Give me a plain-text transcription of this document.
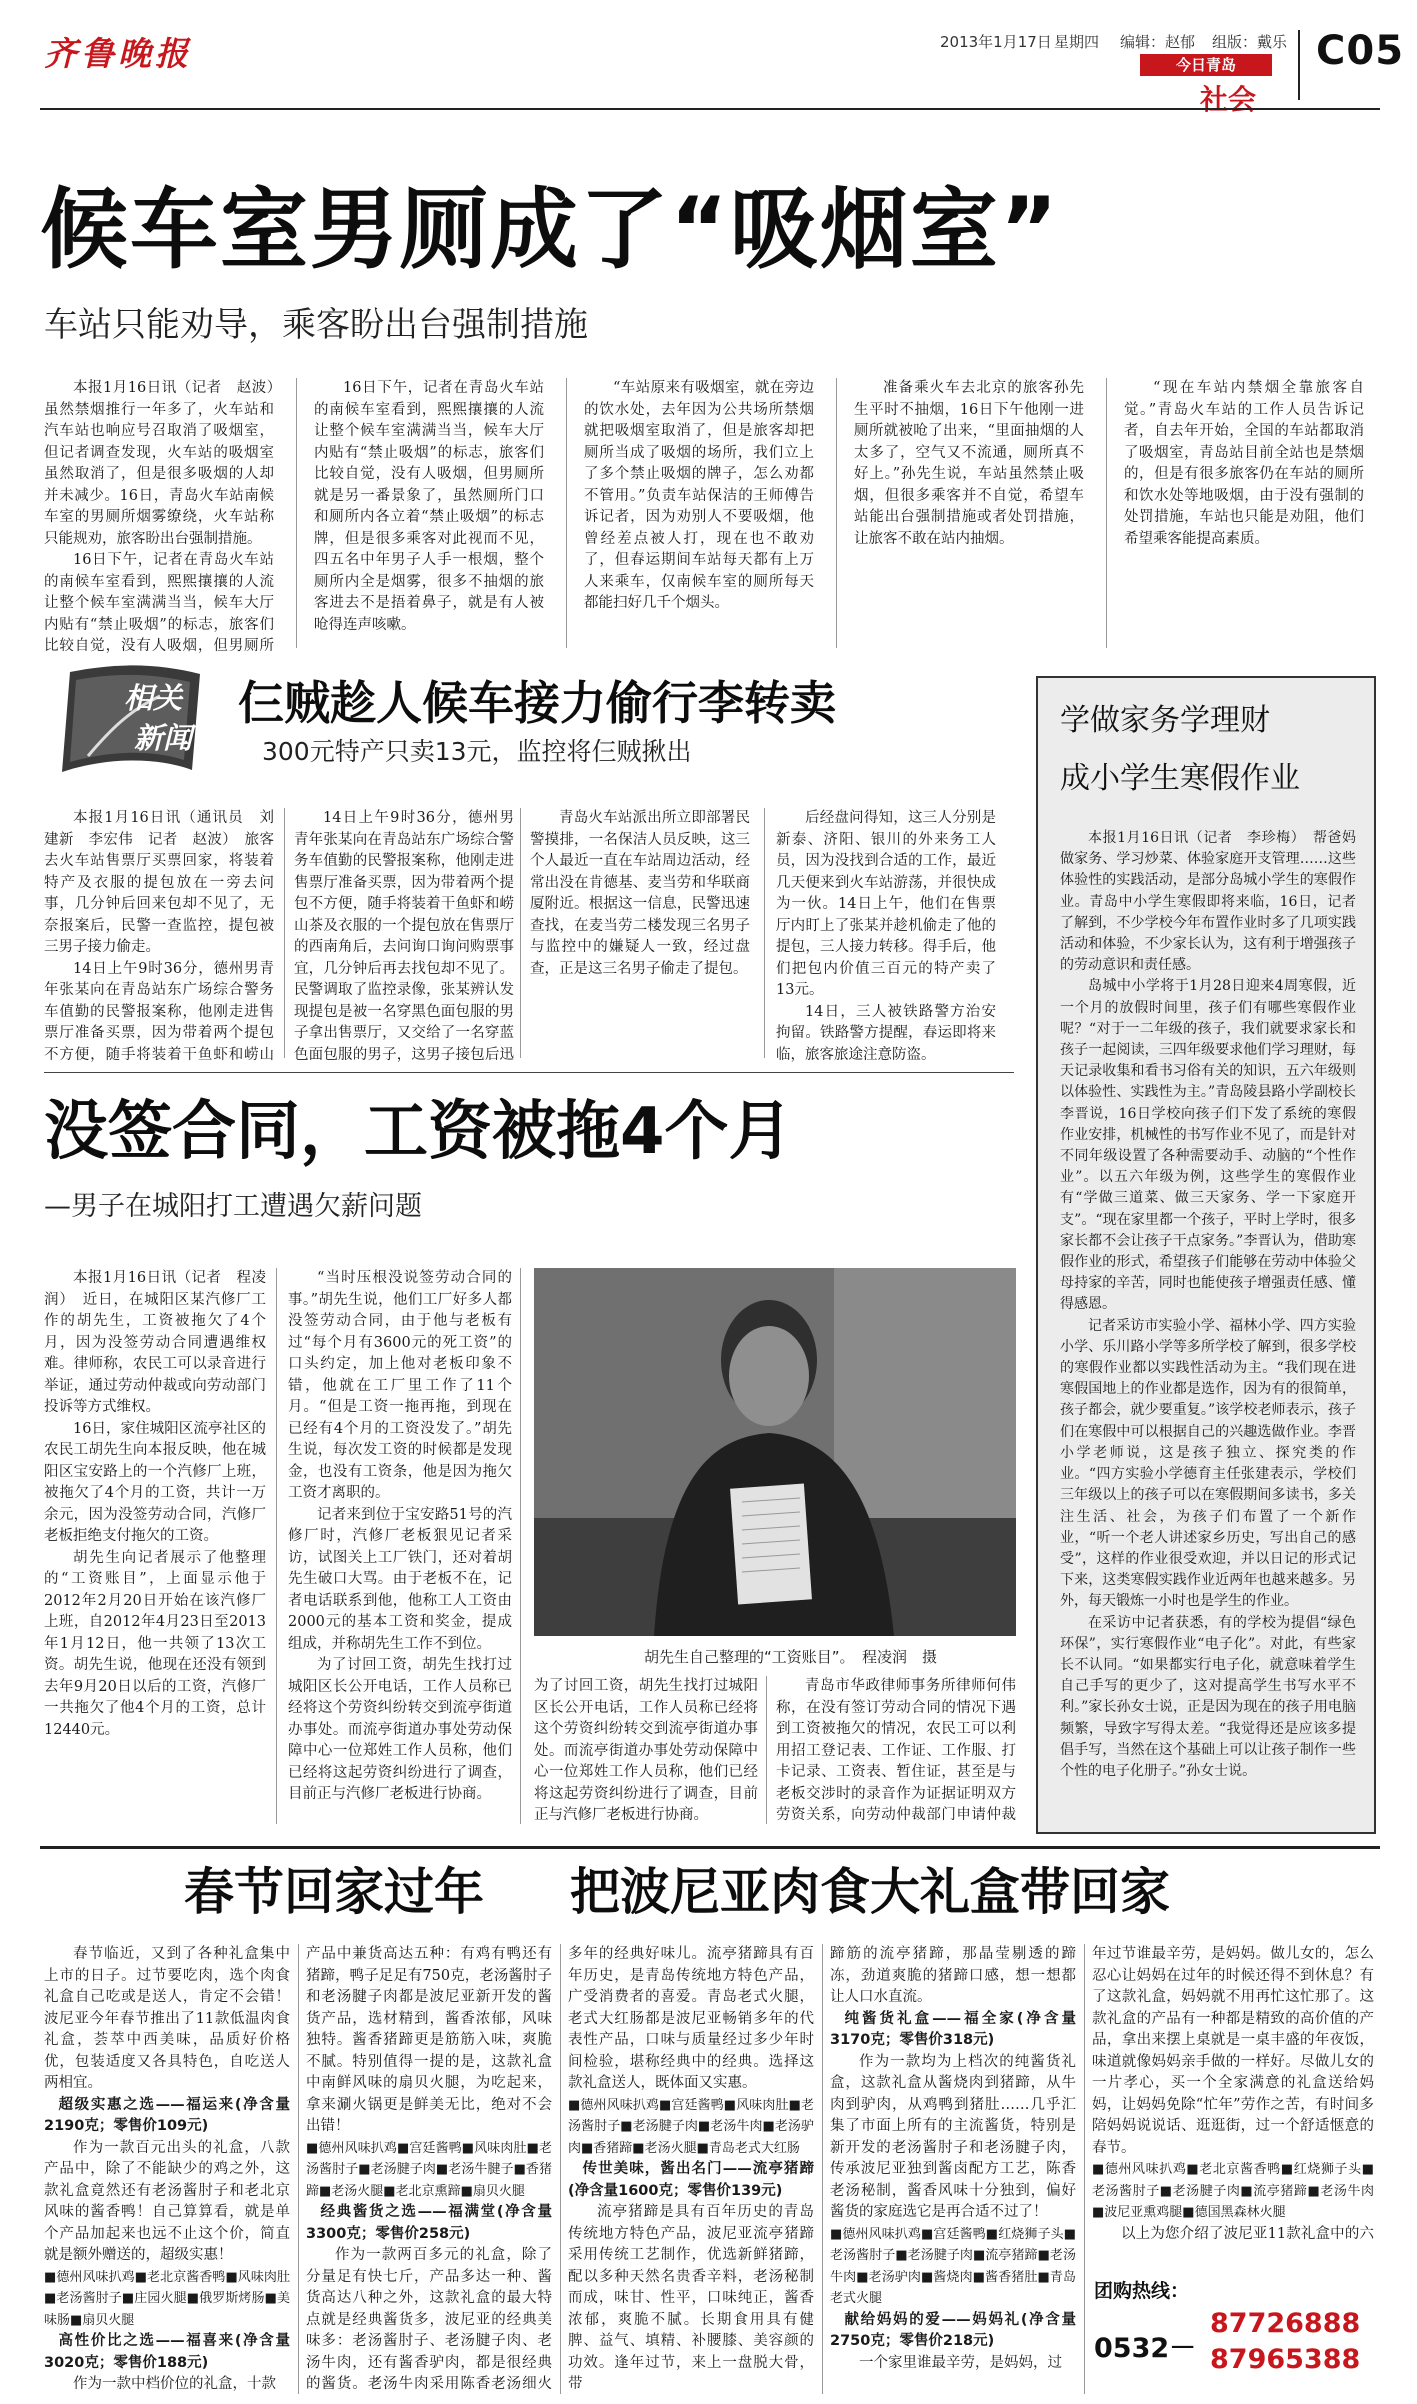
齐鲁晚报	2013年1月17日 星期四 编辑：赵郁 组版：戴乐
今日青岛
社会
C05
候车室男厕成了“吸烟室”
车站只能劝导，乘客盼出台强制措施

本报1月16日讯（记者　赵波）　虽然禁烟推行一年多了，火车站和汽车站也响应号召取消了吸烟室，但记者调查发现，火车站的吸烟室虽然取消了，但是很多吸烟的人却并未减少。16日，青岛火车站南候车室的男厕所烟雾缭绕，火车站称只能规劝，旅客盼出台强制措施。

16日下午，记者在青岛火车站的南候车室看到，熙熙攘攘的人流让整个候车室满满当当，候车大厅内贴有“禁止吸烟”的标志，旅客们比较自觉，没有人吸烟，但男厕所

16日下午，记者在青岛火车站的南候车室看到，熙熙攘攘的人流让整个候车室满满当当，候车大厅内贴有“禁止吸烟”的标志，旅客们比较自觉，没有人吸烟，但男厕所就是另一番景象了，虽然厕所门口和厕所内各立着“禁止吸烟”的标志牌，但是很多乘客对此视而不见，四五名中年男子人手一根烟，整个厕所内全是烟雾，很多不抽烟的旅客进去不是捂着鼻子，就是有人被呛得连声咳嗽。

“车站原来有吸烟室，就在旁边的饮水处，去年因为公共场所禁烟就把吸烟室取消了，但是旅客却把厕所当成了吸烟的场所，我们立上了多个禁止吸烟的牌子，怎么劝都不管用。”负责车站保洁的王师傅告诉记者，因为劝别人不要吸烟，他曾经差点被人打，现在也不敢劝了，但春运期间车站每天都有上万人来乘车，仅南候车室的厕所每天都能扫好几千个烟头。

准备乘火车去北京的旅客孙先生平时不抽烟，16日下午他刚一进厕所就被呛了出来，“里面抽烟的人太多了，空气又不流通，厕所真不好上。”孙先生说，车站虽然禁止吸烟，但很多乘客并不自觉，希望车站能出台强制措施或者处罚措施，让旅客不敢在站内抽烟。

“现在车站内禁烟全靠旅客自觉。”青岛火车站的工作人员告诉记者，自去年开始，全国的车站都取消了吸烟室，青岛站目前全站也是禁烟的，但是有很多旅客仍在车站的厕所和饮水处等地吸烟，由于没有强制的处罚措施，车站也只能是劝阻，他们希望乘客能提高素质。

相关
新闻
仨贼趁人候车接力偷行李转卖
300元特产只卖13元，监控将仨贼揪出

本报1月16日讯（通讯员　刘建新　李宏伟　记者　赵波）　旅客去火车站售票厅买票回家，将装着特产及衣服的提包放在一旁去问事，几分钟后回来包却不见了，无奈报案后，民警一查监控，提包被三男子接力偷走。

14日上午9时36分，德州男青年张某向在青岛站东广场综合警务车值勤的民警报案称，他刚走进售票厅准备买票，因为带着两个提包不方便，随手将装着干鱼虾和崂山

14日上午9时36分，德州男青年张某向在青岛站东广场综合警务车值勤的民警报案称，他刚走进售票厅准备买票，因为带着两个提包不方便，随手将装着干鱼虾和崂山茶及衣服的一个提包放在售票厅的西南角后，去问询口询问购票事宜，几分钟后再去找包却不见了。民警调取了监控录像，张某辨认发现提包是被一名穿黑色面包服的男子拿出售票厅，又交给了一名穿蓝色面包服的男子，这男子接包后迅

青岛火车站派出所立即部署民警摸排，一名保洁人员反映，这三个人最近一直在车站周边活动，经常出没在肯德基、麦当劳和华联商厦附近。根据这一信息，民警迅速查找，在麦当劳二楼发现三名男子与监控中的嫌疑人一致，经过盘查，正是这三名男子偷走了提包。

后经盘问得知，这三人分别是新泰、济阳、银川的外来务工人员，因为没找到合适的工作，最近几天便来到火车站游荡，并很快成为一伙。14日上午，他们在售票厅内盯上了张某并趁机偷走了他的提包，三人接力转移。得手后，他们把包内价值三百元的特产卖了13元。

14日，三人被铁路警方治安拘留。铁路警方提醒，春运即将来临，旅客旅途注意防盗。

学做家务学理财
成小学生寒假作业

本报1月16日讯（记者　李珍梅）　帮爸妈做家务、学习炒菜、体验家庭开支管理……这些体验性的实践活动，是部分岛城小学生的寒假作业。青岛中小学生寒假即将来临，16日，记者了解到，不少学校今年布置作业时多了几项实践活动和体验，不少家长认为，这有利于增强孩子的劳动意识和责任感。

岛城中小学将于1月28日迎来4周寒假，近一个月的放假时间里，孩子们有哪些寒假作业呢？“对于一二年级的孩子，我们就要求家长和孩子一起阅读，三四年级要求他们学习理财，每天记录收集和看书习俗有关的知识，五六年级则以体验性、实践性为主。”青岛陵县路小学副校长李晋说，16日学校向孩子们下发了系统的寒假作业安排，机械性的书写作业不见了，而是针对不同年级设置了各种需要动手、动脑的“个性作业”。以五六年级为例，这些学生的寒假作业有“学做三道菜、做三天家务、学一下家庭开支”。“现在家里都一个孩子，平时上学时，很多家长都不会让孩子干点家务。”李晋认为，借助寒假作业的形式，希望孩子们能够在劳动中体验父母持家的辛苦，同时也能使孩子增强责任感、懂得感恩。

记者采访市实验小学、福林小学、四方实验小学、乐川路小学等多所学校了解到，很多学校的寒假作业都以实践性活动为主。“我们现在进寒假国地上的作业都是选作，因为有的很简单，孩子都会，就少要重复。”该学校老师表示，孩子们在寒假中可以根据自己的兴趣选做作业。李晋小学老师说，这是孩子独立、探究类的作业。“四方实验小学德育主任张建表示，学校们三年级以上的孩子可以在寒假期间多读书，多关注生活、社会，为孩子们布置了一个新作业，“听一个老人讲述家乡历史，写出自己的感受”，这样的作业很受欢迎，并以日记的形式记下来，这类寒假实践作业近两年也越来越多。另外，每天锻炼一小时也是学生的作业。

在采访中记者获悉，有的学校为提倡“绿色环保”，实行寒假作业“电子化”。对此，有些家长不认同。“如果都实行电子化，就意味着学生自己手写的更少了，这对提高学生书写水平不利。”家长孙女士说，正是因为现在的孩子用电脑频繁，导致字写得太差。“我觉得还是应该多提倡手写，当然在这个基础上可以让孩子制作一些个性的电子化册子。”孙女士说。

没签合同，工资被拖4个月
—男子在城阳打工遭遇欠薪问题

本报1月16日讯（记者　程凌润）　近日，在城阳区某汽修厂工作的胡先生，工资被拖欠了4个月，因为没签劳动合同遭遇维权难。律师称，农民工可以录音进行举证，通过劳动仲裁或向劳动部门投诉等方式维权。

16日，家住城阳区流亭社区的农民工胡先生向本报反映，他在城阳区宝安路上的一个汽修厂上班，被拖欠了4个月的工资，共计一万余元，因为没签劳动合同，汽修厂老板拒绝支付拖欠的工资。

胡先生向记者展示了他整理的“工资账目”，上面显示他于2012年2月20日开始在该汽修厂上班，自2012年4月23日至2013年1月12日，他一共领了13次工资。胡先生说，他现在还没有领到去年9月20日以后的工资，汽修厂一共拖欠了他4个月的工资，总计12440元。

“当时压根没说签劳动合同的事。”胡先生说，他们工厂好多人都没签劳动合同，由于他与老板有过“每个月有3600元的死工资”的口头约定，加上他对老板印象不错，他就在工厂里工作了11个月。“但是工资一拖再拖，到现在已经有4个月的工资没发了。”胡先生说，每次发工资的时候都是发现金，也没有工资条，他是因为拖欠工资才离职的。

记者来到位于宝安路51号的汽修厂时，汽修厂老板狠见记者采访，试图关上工厂铁门，还对着胡先生破口大骂。由于老板不在，记者电话联系到他，他称工人工资由2000元的基本工资和奖金，提成组成，并称胡先生工作不到位。

为了讨回工资，胡先生找打过城阳区长公开电话，工作人员称已经将这个劳资纠纷转交到流亭街道办事处。而流亭街道办事处劳动保障中心一位郑姓工作人员称，他们已经将这起劳资纠纷进行了调查，目前正与汽修厂老板进行协商。

胡先生自己整理的“工资账目”。　程凌润　摄

为了讨回工资，胡先生找打过城阳区长公开电话，工作人员称已经将这个劳资纠纷转交到流亭街道办事处。而流亭街道办事处劳动保障中心一位郑姓工作人员称，他们已经将这起劳资纠纷进行了调查，目前正与汽修厂老板进行协商。

青岛市华政律师事务所律师何伟称，在没有签订劳动合同的情况下遇到工资被拖欠的情况，农民工可以利用招工登记表、工作证、工作服、打卡记录、工资表、暂住证，甚至是与老板交涉时的录音作为证据证明双方劳资关系，向劳动仲裁部门申请仲裁

春节回家过年 把波尼亚肉食大礼盒带回家

春节临近，又到了各种礼盒集中上市的日子。过节要吃肉，选个肉食礼盒自己吃或是送人，肯定不会错！波尼亚今年春节推出了11款低温肉食礼盒，荟萃中西美味，品质好价格优，包装适度又各具特色，自吃送人两相宜。

超级实惠之选——福运来(净含量2190克；零售价109元)

作为一款百元出头的礼盒，八款产品中，除了不能缺少的鸡之外，这款礼盒竟然还有老汤酱肘子和老北京风味的酱香鸭！自己算算看，就是单个产品加起来也远不止这个价，简直就是额外赠送的，超级实惠！

■德州风味扒鸡■老北京酱香鸭■风味肉肚■老汤酱肘子■庄园火腿■俄罗斯烤肠■美味肠■扇贝火腿

高性价比之选——福喜来(净含量3020克；零售价188元)

作为一款中档价位的礼盒，十款

产品中兼货高达五种：有鸡有鸭还有猪蹄，鸭子足足有750克，老汤酱肘子和老汤腱子肉都是波尼亚新开发的酱货产品，选材精到，酱香浓郁，风味独特。酱香猪蹄更是筋筋入味，爽脆不腻。特别值得一提的是，这款礼盒中南鲜风味的扇贝火腿，为吃起来，拿来涮火锅更是鲜美无比，绝对不会出错！

■德州风味扒鸡■宫廷酱鸭■风味肉肚■老汤酱肘子■老汤腱子肉■老汤牛腱子■香猪蹄■老汤火腿■老北京熏蹄■扇贝火腿

经典酱货之选——福满堂(净含量3300克；零售价258元)

作为一款两百多元的礼盒，除了分量足有快七斤，产品多达一种、酱货高达八种之外，这款礼盒的最大特点就是经典酱货多，波尼亚的经典美味多：老汤酱肘子、老汤腱子肉、老汤牛肉，还有酱香驴肉，都是很经典的酱货。老汤牛肉采用陈香老汤细火

多年的经典好味儿。流亭猪蹄具有百年历史，是青岛传统地方特色产品，广受消费者的喜爱。青岛老式火腿，老式大红肠都是波尼亚畅销多年的代表性产品，口味与质量经过多少年时间检验，堪称经典中的经典。选择这款礼盒送人，既体面又实惠。

■德州风味扒鸡■宫廷酱鸭■风味肉肚■老汤酱肘子■老汤腱子肉■老汤牛肉■老汤驴肉■香猪蹄■老汤火腿■青岛老式大红肠

传世美味，酱出名门——流亭猪蹄(净含量1600克；零售价139元)

流亭猪蹄是具有百年历史的青岛传统地方特色产品，波尼亚流亭猪蹄采用传统工艺制作，优选新鲜猪蹄，配以多种天然名贵香辛料，老汤秘制而成，味甘、性平，口味纯正，酱香浓郁，爽脆不腻。长期食用具有健脾、益气、填精、补腰膝、美容颜的功效。逢年过节，来上一盘脱大骨，带

蹄筋的流亭猪蹄，那晶莹剔透的蹄冻，劲道爽脆的猪蹄口感，想一想都让人口水直流。

纯酱货礼盒——福全家(净含量3170克；零售价318元)

作为一款均为上档次的纯酱货礼盒，这款礼盒从酱烧肉到猪蹄，从牛肉到驴肉，从鸡鸭到猪肚……几乎汇集了市面上所有的主流酱货，特别是新开发的老汤酱肘子和老汤腱子肉，传承波尼亚独到酱卤配方工艺，陈香老汤秘制，酱香风味十分独到，偏好酱货的家庭选它是再合适不过了！

■德州风味扒鸡■宫廷酱鸭■红烧狮子头■老汤酱肘子■老汤腱子肉■流亭猪蹄■老汤牛肉■老汤驴肉■酱烧肉■酱香猪肚■青岛老式火腿

献给妈妈的爱——妈妈礼(净含量2750克；零售价218元)

一个家里谁最辛劳，是妈妈，过

年过节谁最辛劳，是妈妈。做儿女的，怎么忍心让妈妈在过年的时候还得不到休息？有了这款礼盒，妈妈就不用再忙这忙那了。这款礼盒的产品有一种都是精致的高价值的产品，拿出来摆上桌就是一桌丰盛的年夜饭，味道就像妈妈亲手做的一样好。尽做儿女的一片孝心，买一个全家满意的礼盒送给妈妈，让妈妈免除“忙年”劳作之苦，有时间多陪妈妈说说话、逛逛街，过一个舒适惬意的春节。

■德州风味扒鸡■老北京酱香鸭■红烧狮子头■老汤酱肘子■老汤腱子肉■流亭猪蹄■老汤牛肉■波尼亚熏鸡腿■德国黑森林火腿

以上为您介绍了波尼亚11款礼盒中的六

团购热线：
0532－
87726888
87965388
